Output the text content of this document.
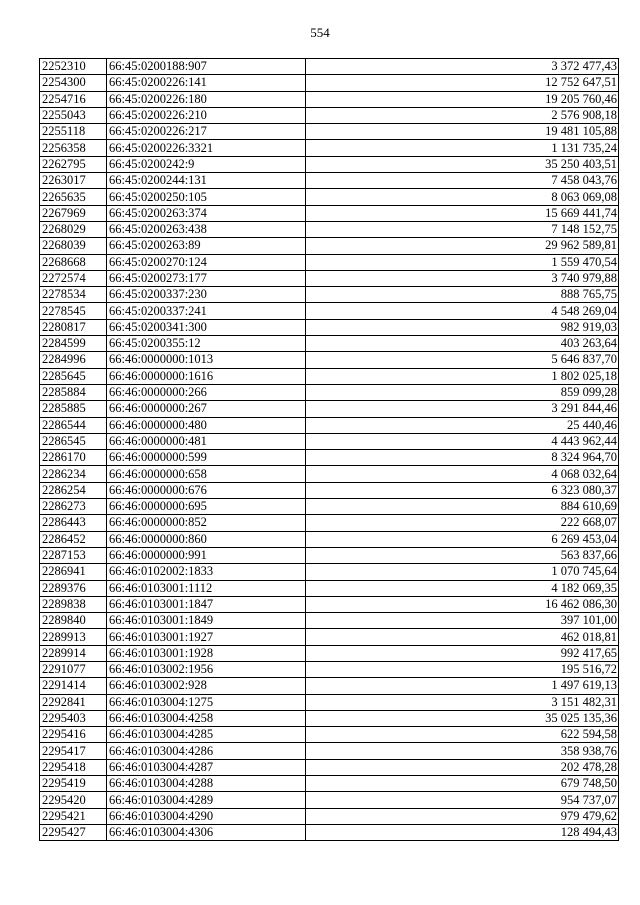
554
2252310	66:45:0200188:907	3 372 477,43
2254300	66:45:0200226:141	12 752 647,51
2254716	66:45:0200226:180	19 205 760,46
2255043	66:45:0200226:210	2 576 908,18
2255118	66:45:0200226:217	19 481 105,88
2256358	66:45:0200226:3321	1 131 735,24
2262795	66:45:0200242:9	35 250 403,51
2263017	66:45:0200244:131	7 458 043,76
2265635	66:45:0200250:105	8 063 069,08
2267969	66:45:0200263:374	15 669 441,74
2268029	66:45:0200263:438	7 148 152,75
2268039	66:45:0200263:89	29 962 589,81
2268668	66:45:0200270:124	1 559 470,54
2272574	66:45:0200273:177	3 740 979,88
2278534	66:45:0200337:230	888 765,75
2278545	66:45:0200337:241	4 548 269,04
2280817	66:45:0200341:300	982 919,03
2284599	66:45:0200355:12	403 263,64
2284996	66:46:0000000:1013	5 646 837,70
2285645	66:46:0000000:1616	1 802 025,18
2285884	66:46:0000000:266	859 099,28
2285885	66:46:0000000:267	3 291 844,46
2286544	66:46:0000000:480	25 440,46
2286545	66:46:0000000:481	4 443 962,44
2286170	66:46:0000000:599	8 324 964,70
2286234	66:46:0000000:658	4 068 032,64
2286254	66:46:0000000:676	6 323 080,37
2286273	66:46:0000000:695	884 610,69
2286443	66:46:0000000:852	222 668,07
2286452	66:46:0000000:860	6 269 453,04
2287153	66:46:0000000:991	563 837,66
2286941	66:46:0102002:1833	1 070 745,64
2289376	66:46:0103001:1112	4 182 069,35
2289838	66:46:0103001:1847	16 462 086,30
2289840	66:46:0103001:1849	397 101,00
2289913	66:46:0103001:1927	462 018,81
2289914	66:46:0103001:1928	992 417,65
2291077	66:46:0103002:1956	195 516,72
2291414	66:46:0103002:928	1 497 619,13
2292841	66:46:0103004:1275	3 151 482,31
2295403	66:46:0103004:4258	35 025 135,36
2295416	66:46:0103004:4285	622 594,58
2295417	66:46:0103004:4286	358 938,76
2295418	66:46:0103004:4287	202 478,28
2295419	66:46:0103004:4288	679 748,50
2295420	66:46:0103004:4289	954 737,07
2295421	66:46:0103004:4290	979 479,62
2295427	66:46:0103004:4306	128 494,43
